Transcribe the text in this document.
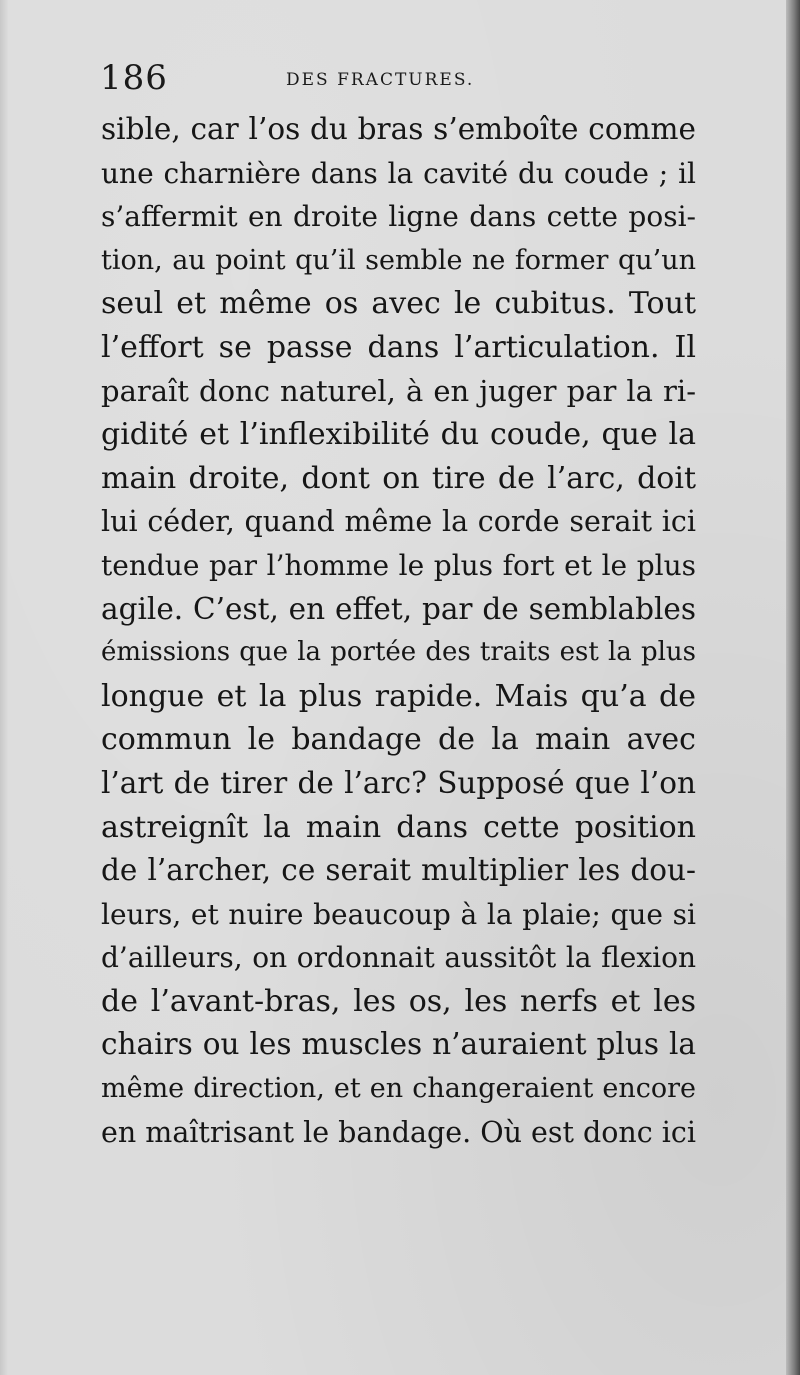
186	DES FRACTURES.
sible, car l’os du bras s’emboîte comme
une charnière dans la cavité du coude ; il
s’affermit en droite ligne dans cette posi-
tion, au point qu’il semble ne former qu’un
seul et même os avec le cubitus. Tout
l’effort se passe dans l’articulation. Il
paraît donc naturel, à en juger par la ri-
gidité et l’inflexibilité du coude, que la
main droite, dont on tire de l’arc, doit
lui céder, quand même la corde serait ici
tendue par l’homme le plus fort et le plus
agile. C’est, en effet, par de semblables
émissions que la portée des traits est la plus
longue et la plus rapide. Mais qu’a de
commun le bandage de la main avec
l’art de tirer de l’arc? Supposé que l’on
astreignît la main dans cette position
de l’archer, ce serait multiplier les dou-
leurs, et nuire beaucoup à la plaie; que si
d’ailleurs, on ordonnait aussitôt la flexion
de l’avant-bras, les os, les nerfs et les
chairs ou les muscles n’auraient plus la
même direction, et en changeraient encore
en maîtrisant le bandage. Où est donc ici
